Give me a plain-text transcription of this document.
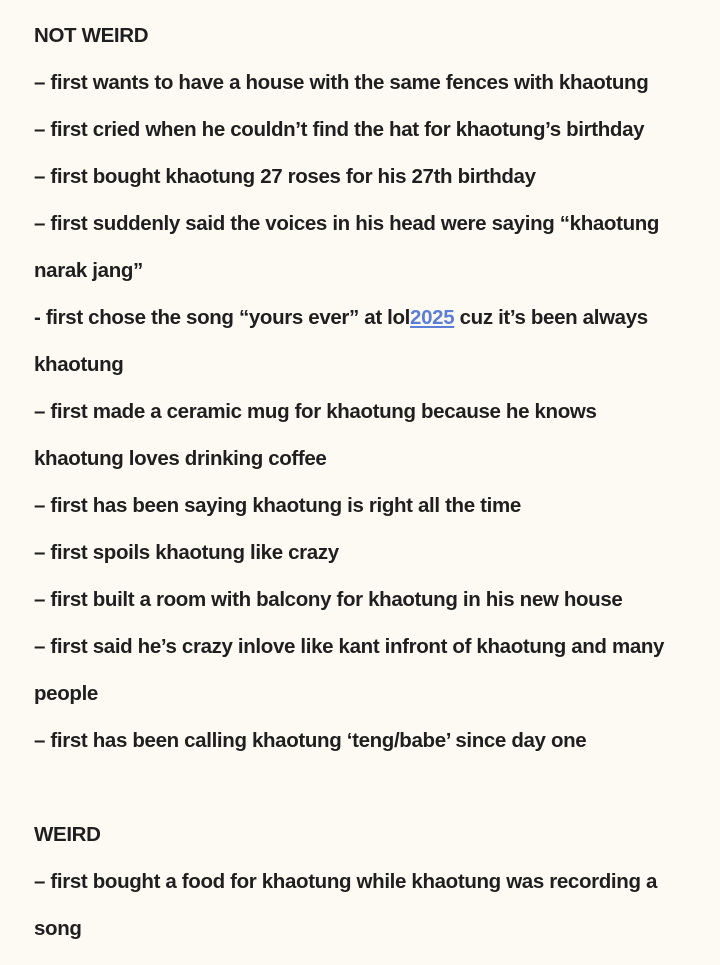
NOT WEIRD
– first wants to have a house with the same fences with khaotung
– first cried when he couldn’t find the hat for khaotung’s birthday
– first bought khaotung 27 roses for his 27th birthday
– first suddenly said the voices in his head were saying “khaotung
narak jang”
- first chose the song “yours ever” at lol2025 cuz it’s been always
khaotung
– first made a ceramic mug for khaotung because he knows
khaotung loves drinking coffee
– first has been saying khaotung is right all the time
– first spoils khaotung like crazy
– first built a room with balcony for khaotung in his new house
– first said he’s crazy inlove like kant infront of khaotung and many
people
– first has been calling khaotung ‘teng/babe’ since day one
WEIRD
– first bought a food for khaotung while khaotung was recording a
song
